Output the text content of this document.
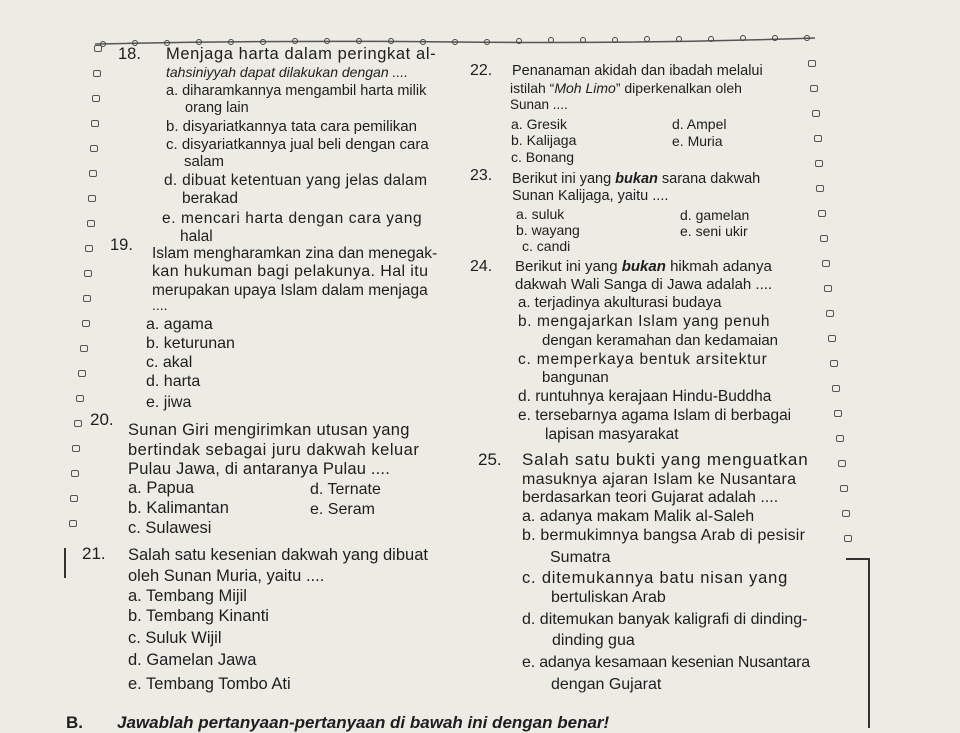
18. Menjaga harta dalam peringkat al-
tahsiniyyah dapat dilakukan dengan ....
a. diharamkannya mengambil harta milik
orang lain
b. disyariatkannya tata cara pemilikan
c. disyariatkannya jual beli dengan cara
salam
d. dibuat ketentuan yang jelas dalam
berakad
e. mencari harta dengan cara yang
halal
19. Islam mengharamkan zina dan menegak-
kan hukuman bagi pelakunya. Hal itu
merupakan upaya Islam dalam menjaga
....
a. agama
b. keturunan
c. akal
d. harta
e. jiwa
20.
Sunan Giri mengirimkan utusan yang
bertindak sebagai juru dakwah keluar
Pulau Jawa, di antaranya Pulau ....
a. Papua	d. Ternate
b. Kalimantan	e. Seram
c. Sulawesi
21. Salah satu kesenian dakwah yang dibuat
oleh Sunan Muria, yaitu ....
a. Tembang Mijil
b. Tembang Kinanti
c. Suluk Wijil
d. Gamelan Jawa
e. Tembang Tombo Ati
22. Penanaman akidah dan ibadah melalui
istilah “Moh Limo” diperkenalkan oleh
Sunan ....
a. Gresik	d. Ampel
b. Kalijaga	e. Muria
c. Bonang
23. Berikut ini yang bukan sarana dakwah
Sunan Kalijaga, yaitu ....
a. suluk	d. gamelan
b. wayang	e. seni ukir
c. candi
24. Berikut ini yang bukan hikmah adanya
dakwah Wali Sanga di Jawa adalah ....
a. terjadinya akulturasi budaya
b. mengajarkan Islam yang penuh
dengan keramahan dan kedamaian
c. memperkaya bentuk arsitektur
bangunan
d. runtuhnya kerajaan Hindu-Buddha
e. tersebarnya agama Islam di berbagai
lapisan masyarakat
25. Salah satu bukti yang menguatkan
masuknya ajaran Islam ke Nusantara
berdasarkan teori Gujarat adalah ....
a. adanya makam Malik al-Saleh
b. bermukimnya bangsa Arab di pesisir
Sumatra
c. ditemukannya batu nisan yang
bertuliskan Arab
d. ditemukan banyak kaligrafi di dinding-
dinding gua
e. adanya kesamaan kesenian Nusantara
dengan Gujarat
B. Jawablah pertanyaan-pertanyaan di bawah ini dengan benar!
